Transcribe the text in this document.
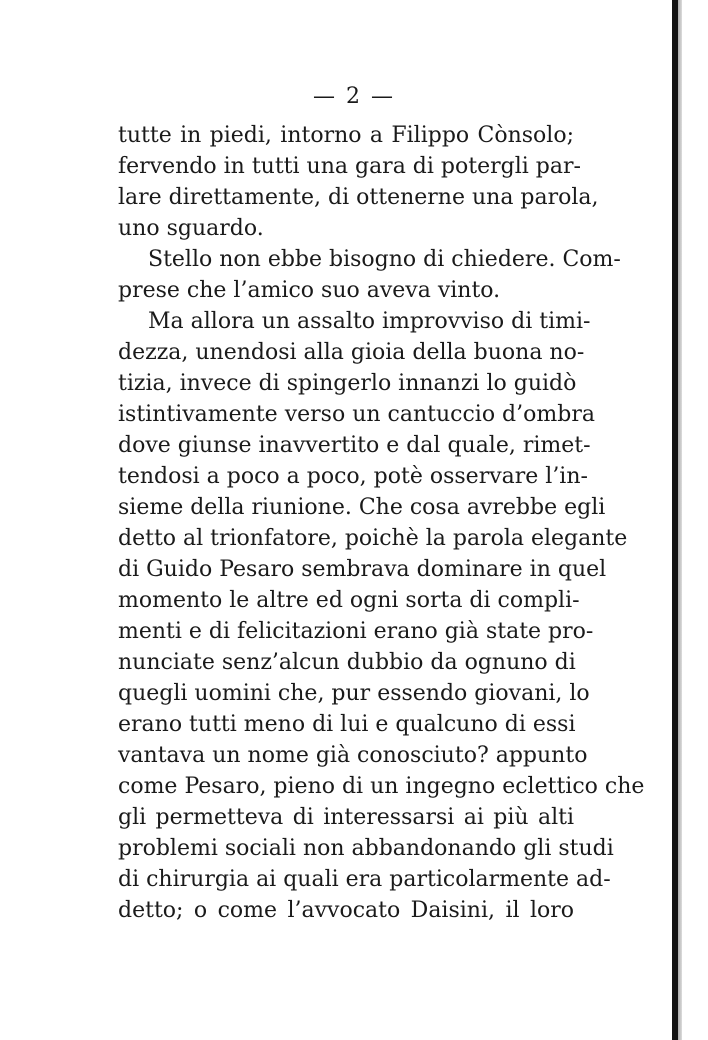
— 2 —
tutte in piedi, intorno a Filippo Cònsolo;
fervendo in tutti una gara di potergli par-
lare direttamente, di ottenerne una parola,
uno sguardo.
Stello non ebbe bisogno di chiedere. Com-
prese che l’amico suo aveva vinto.
Ma allora un assalto improvviso di timi-
dezza, unendosi alla gioia della buona no-
tizia, invece di spingerlo innanzi lo guidò
istintivamente verso un cantuccio d’ombra
dove giunse inavvertito e dal quale, rimet-
tendosi a poco a poco, potè osservare l’in-
sieme della riunione. Che cosa avrebbe egli
detto al trionfatore, poichè la parola elegante
di Guido Pesaro sembrava dominare in quel
momento le altre ed ogni sorta di compli-
menti e di felicitazioni erano già state pro-
nunciate senz’alcun dubbio da ognuno di
quegli uomini che, pur essendo giovani, lo
erano tutti meno di lui e qualcuno di essi
vantava un nome già conosciuto? appunto
come Pesaro, pieno di un ingegno eclettico che
gli permetteva di interessarsi ai più alti
problemi sociali non abbandonando gli studi
di chirurgia ai quali era particolarmente ad-
detto; o come l’avvocato Daisini, il loro
